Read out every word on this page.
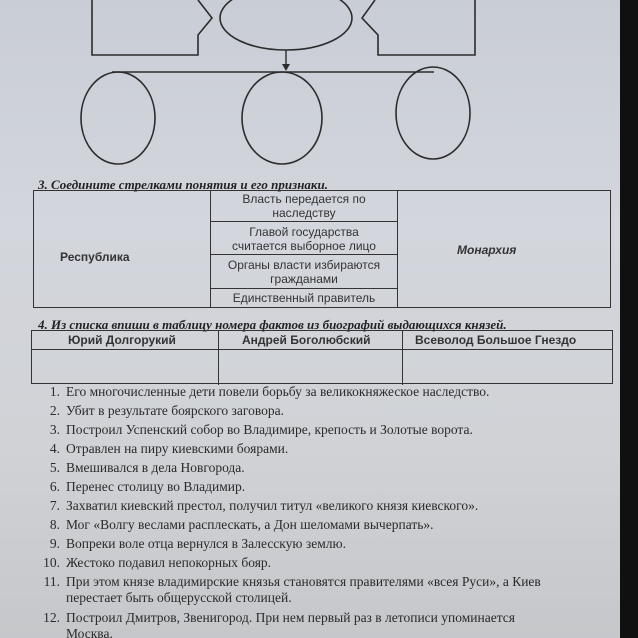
3. Соедините стрелками понятия и его признаки.
Власть передается по
наследству
Главой государства
считается выборное лицо
Органы власти избираются
гражданами
Единственный правитель
Республика	Монархия
4. Из списка впиши в таблицу номера фактов из биографий выдающихся князей.
Юрий Долгорукий	Андрей Боголюбский	Всеволод Большое Гнездо
1. Его многочисленные дети повели борьбу за великокняжеское наследство.
2. Убит в результате боярского заговора.
3. Построил Успенский собор во Владимире, крепость и Золотые ворота.
4. Отравлен на пиру киевскими боярами.
5. Вмешивался в дела Новгорода.
6. Перенес столицу во Владимир.
7. Захватил киевский престол, получил титул «великого князя киевского».
8. Мог «Волгу веслами расплескать, а Дон шеломами вычерпать».
9. Вопреки воле отца вернулся в Залесскую землю.
10. Жестоко подавил непокорных бояр.
11. При этом князе владимирские князья становятся правителями «всея Руси», а Киев
перестает быть общерусской столицей.
12. Построил Дмитров, Звенигород. При нем первый раз в летописи упоминается
Москва.
